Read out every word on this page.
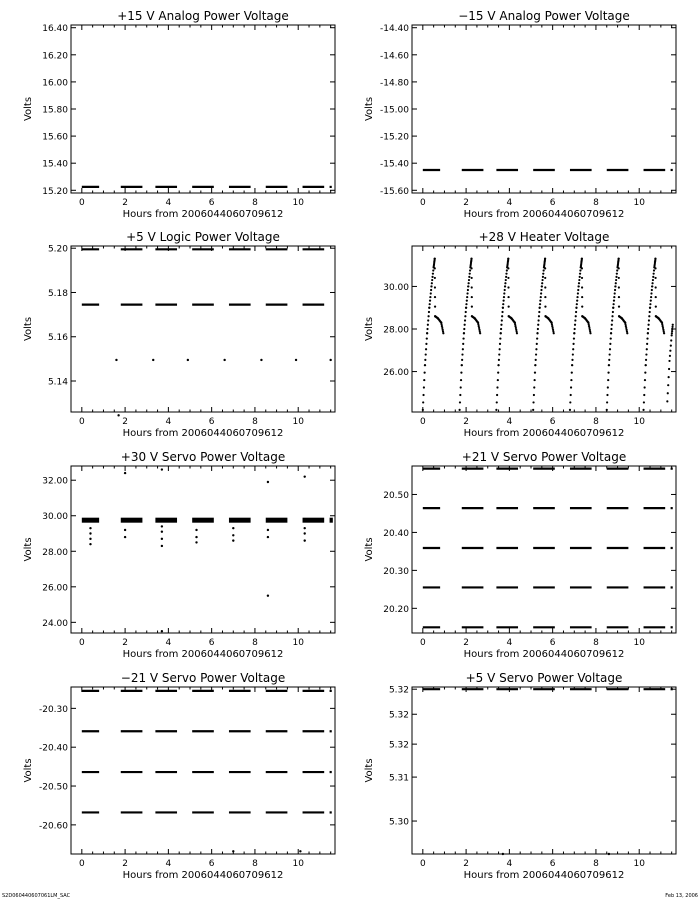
+15 V Analog Power Voltage
0	2	4	6	8	10
Hours from 2006044060709612
15.20
15.40
15.60
15.80
16.00
16.20
16.40
Volts
−15 V Analog Power Voltage
0	2	4	6	8	10
Hours from 2006044060709612
-14.40
-14.60
-14.80
-15.00
-15.20
-15.40
-15.60
Volts
+5 V Logic Power Voltage
0	2	4	6	8	10
Hours from 2006044060709612
5.14
5.16
5.18
5.20
Volts
+28 V Heater Voltage
0	2	4	6	8	10
Hours from 2006044060709612
26.00
28.00
30.00
Volts
+30 V Servo Power Voltage
0	2	4	6	8	10
Hours from 2006044060709612
24.00
26.00
28.00
30.00
32.00
Volts
+21 V Servo Power Voltage
0	2	4	6	8	10
Hours from 2006044060709612
20.20
20.30
20.40
20.50
Volts
−21 V Servo Power Voltage
0	2	4	6	8	10
Hours from 2006044060709612
-20.30
-20.40
-20.50
-20.60
Volts
+5 V Servo Power Voltage
0	2	4	6	8	10
Hours from 2006044060709612
5.30
5.31
5.32
5.32
5.32
Volts
S2D060440607061LM_SAC	Feb 13, 2006
